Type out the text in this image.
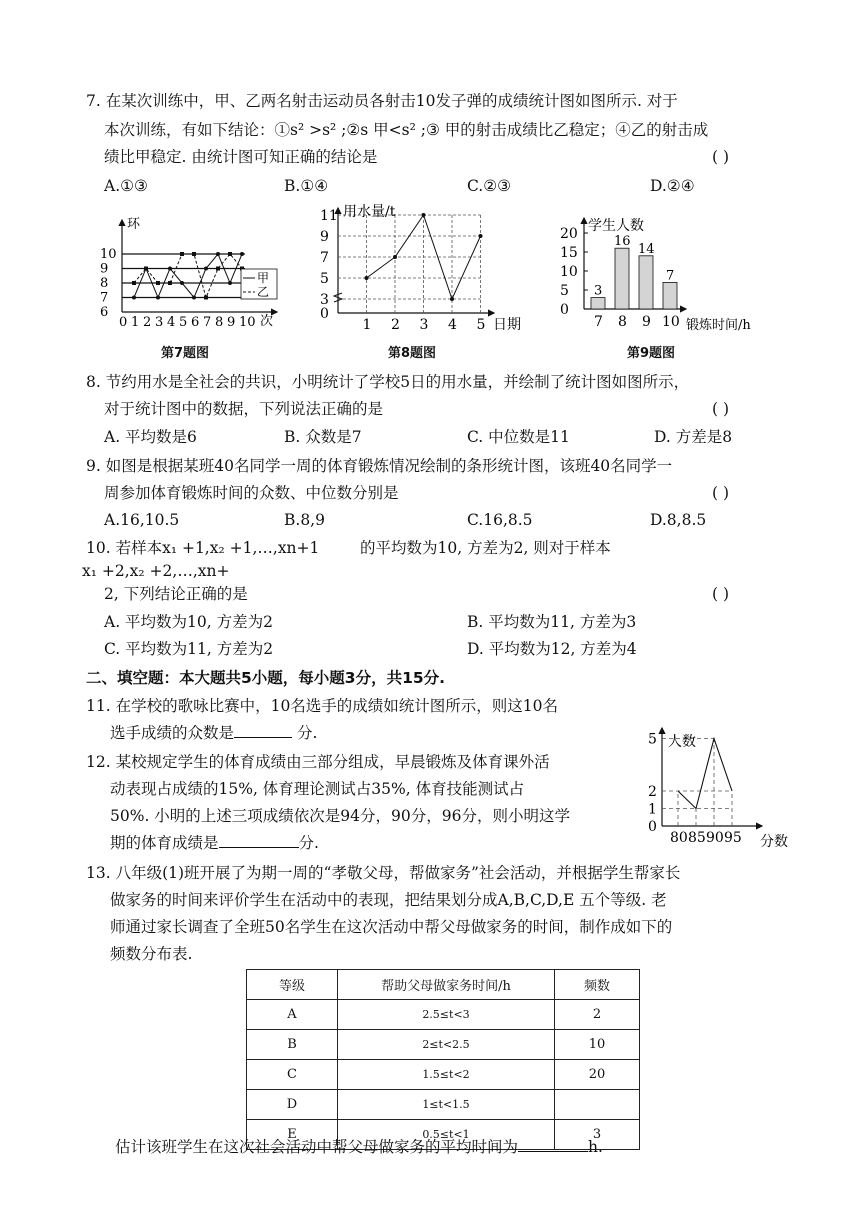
7. 在某次训练中，甲、乙两名射击运动员各射击10发子弹的成绩统计图如图所示. 对于
本次训练，有如下结论：①s² >s² ;②s 甲<s² ;③ 甲的射击成绩比乙稳定；④乙的射击成
绩比甲稳定. 由统计图可知正确的结论是	( )
A.①③	B.①④	C.②③	D.②④
10
9
8
7
6
0 1 2 3 4 5 6 7 8 9 10
环
次
甲
乙
第7题图
11
9
7
5
3
0
1 2 3 4 5
用水量/t
日期
第8题图
20
15
10
5
0
3
7
16
8
14
9
7
10
学生人数
锻炼时间/h
第9题图
8. 节约用水是全社会的共识，小明统计了学校5日的用水量，并绘制了统计图如图所示，
对于统计图中的数据，下列说法正确的是	( )
A. 平均数是6	B. 众数是7	C. 中位数是11	D. 方差是8
9. 如图是根据某班40名同学一周的体育锻炼情况绘制的条形统计图，该班40名同学一
周参加体育锻炼时间的众数、中位数分别是	( )
A.16,10.5	B.8,9	C.16,8.5	D.8,8.5
10. 若样本x₁ +1,x₂ +1,…,xn+1	的平均数为10, 方差为2, 则对于样本
x₁ +2,x₂ +2,…,xn+
2, 下列结论正确的是	( )
A. 平均数为10, 方差为2	B. 平均数为11, 方差为3
C. 平均数为11, 方差为2	D. 平均数为12, 方差为4
二、填空题：本大题共5小题，每小题3分，共15分.
11. 在学校的歌咏比赛中，10名选手的成绩如统计图所示，则这10名
选手成绩的众数是	分.	5
2
1
0
80 85 90 95
人数
分数
12. 某校规定学生的体育成绩由三部分组成，早晨锻炼及体育课外活
动表现占成绩的15%, 体育理论测试占35%, 体育技能测试占
50%. 小明的上述三项成绩依次是94分，90分，96分，则小明这学
期的体育成绩是	分.
13. 八年级(1)班开展了为期一周的“孝敬父母，帮做家务”社会活动，并根据学生帮家长
做家务的时间来评价学生在活动中的表现，把结果划分成A,B,C,D,E 五个等级. 老
师通过家长调查了全班50名学生在这次活动中帮父母做家务的时间，制作成如下的
频数分布表.
等级	帮助父母做家务时间/h	频数
A	2.5≤t<3	2
B	2≤t<2.5	10
C	1.5≤t<2	20
D	1≤t<1.5	
E	0.5≤t<1	3
估计该班学生在这次社会活动中帮父母做家务的平均时间为	h.
